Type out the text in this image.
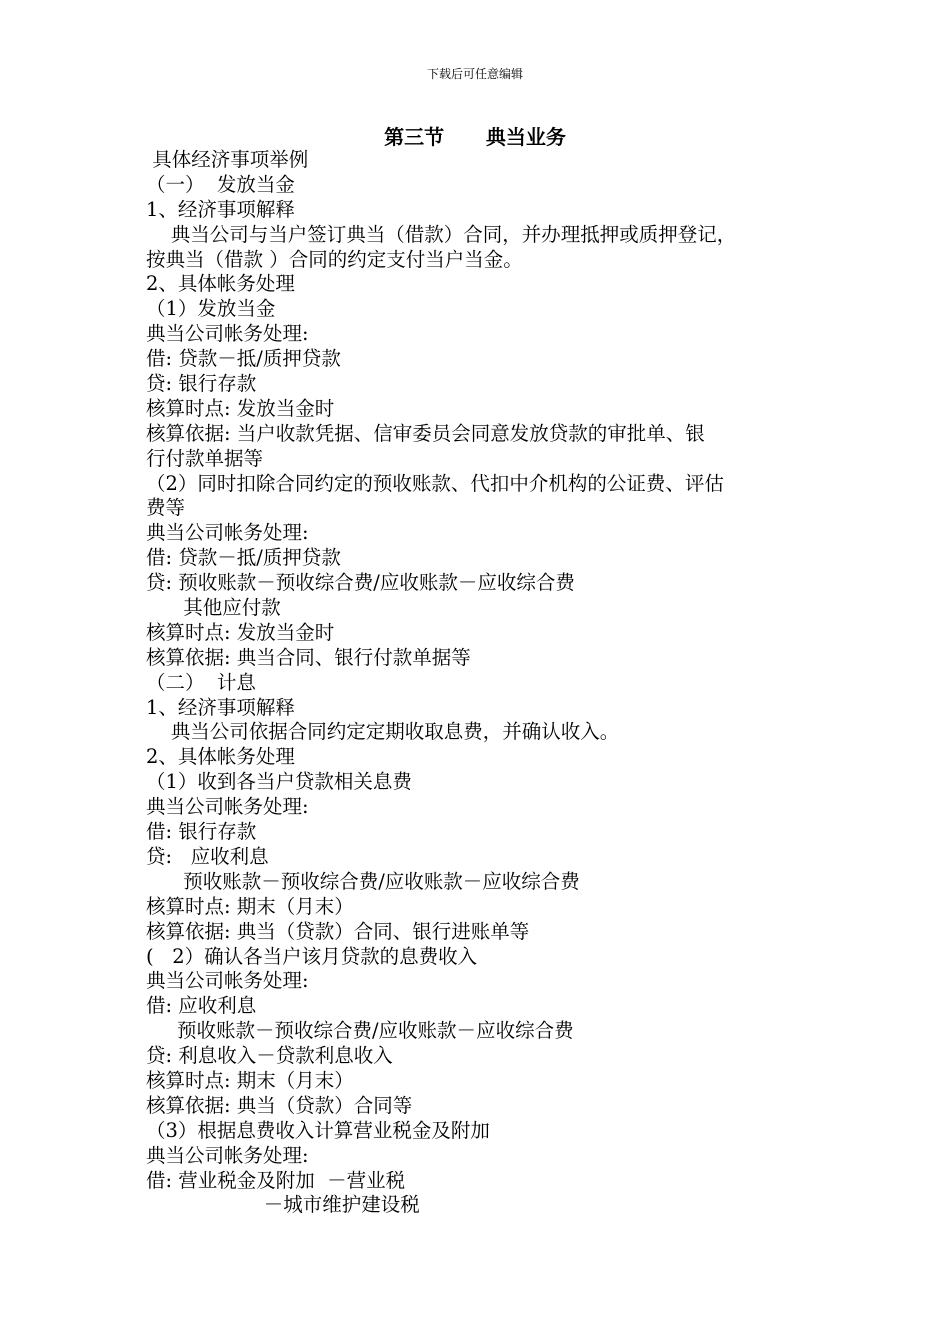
下载后可任意编辑
第三节      典当业务
具体经济事项举例
（一）  发放当金
1、经济事项解释
典当公司与当户签订典当（借款）合同，并办理抵押或质押登记，
按典当（借款 ）合同的约定支付当户当金。
2、具体帐务处理
（1）发放当金
典当公司帐务处理:
借: 贷款－抵/质押贷款
贷: 银行存款
核算时点: 发放当金时
核算依据: 当户收款凭据、信审委员会同意发放贷款的审批单、银
行付款单据等
（2）同时扣除合同约定的预收账款、代扣中介机构的公证费、评估
费等
典当公司帐务处理:
借: 贷款－抵/质押贷款
贷: 预收账款－预收综合费/应收账款－应收综合费
其他应付款
核算时点: 发放当金时
核算依据: 典当合同、银行付款单据等
（二）  计息
1、经济事项解释
典当公司依据合同约定定期收取息费，并确认收入。
2、具体帐务处理
（1）收到各当户贷款相关息费
典当公司帐务处理:
借: 银行存款
贷:   应收利息
预收账款－预收综合费/应收账款－应收综合费
核算时点: 期末（月末）
核算依据: 典当（贷款）合同、银行进账单等
(   2）确认各当户该月贷款的息费收入
典当公司帐务处理:
借: 应收利息
预收账款－预收综合费/应收账款－应收综合费
贷: 利息收入－贷款利息收入
核算时点: 期末（月末）
核算依据: 典当（贷款）合同等
（3）根据息费收入计算营业税金及附加
典当公司帐务处理:
借: 营业税金及附加  －营业税
－城市维护建设税
